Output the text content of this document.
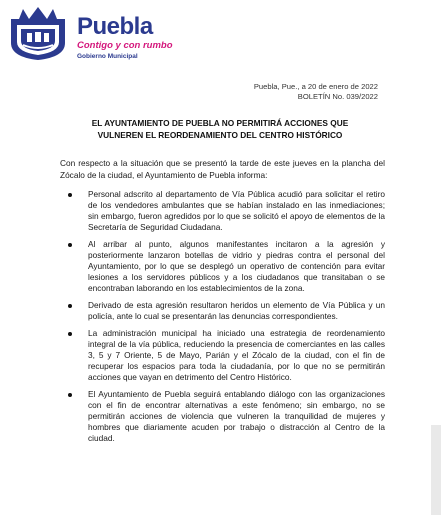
Puebla
Contigo y con rumbo
Gobierno Municipal
Puebla, Pue., a 20 de enero de 2022
BOLETÍN No. 039/2022
EL AYUNTAMIENTO DE PUEBLA NO PERMITIRÁ ACCIONES QUE
VULNEREN EL REORDENAMIENTO DEL CENTRO HISTÓRICO
Con respecto a la situación que se presentó la tarde de este jueves en la plancha del Zócalo de la ciudad, el Ayuntamiento de Puebla informa:
Personal adscrito al departamento de Vía Pública acudió para solicitar el retiro de los vendedores ambulantes que se habían instalado en las inmediaciones; sin embargo, fueron agredidos por lo que se solicitó el apoyo de elementos de la Secretaría de Seguridad Ciudadana.
Al arribar al punto, algunos manifestantes incitaron a la agresión y posteriormente lanzaron botellas de vidrio y piedras contra el personal del Ayuntamiento, por lo que se desplegó un operativo de contención para evitar lesiones a los servidores públicos y a los ciudadanos que transitaban o se encontraban laborando en los establecimientos de la zona.
Derivado de esta agresión resultaron heridos un elemento de Vía Pública y un policía, ante lo cual se presentarán las denuncias correspondientes.
La administración municipal ha iniciado una estrategia de reordenamiento integral de la vía pública, reduciendo la presencia de comerciantes en las calles 3, 5 y 7 Oriente, 5 de Mayo, Parián y el Zócalo de la ciudad, con el fin de recuperar los espacios para toda la ciudadanía, por lo que no se permitirán acciones que vayan en detrimento del Centro Histórico.
El Ayuntamiento de Puebla seguirá entablando diálogo con las organizaciones con el fin de encontrar alternativas a este fenómeno; sin embargo, no se permitirán acciones de violencia que vulneren la tranquilidad de mujeres y hombres que diariamente acuden por trabajo o distracción al Centro de la ciudad.
